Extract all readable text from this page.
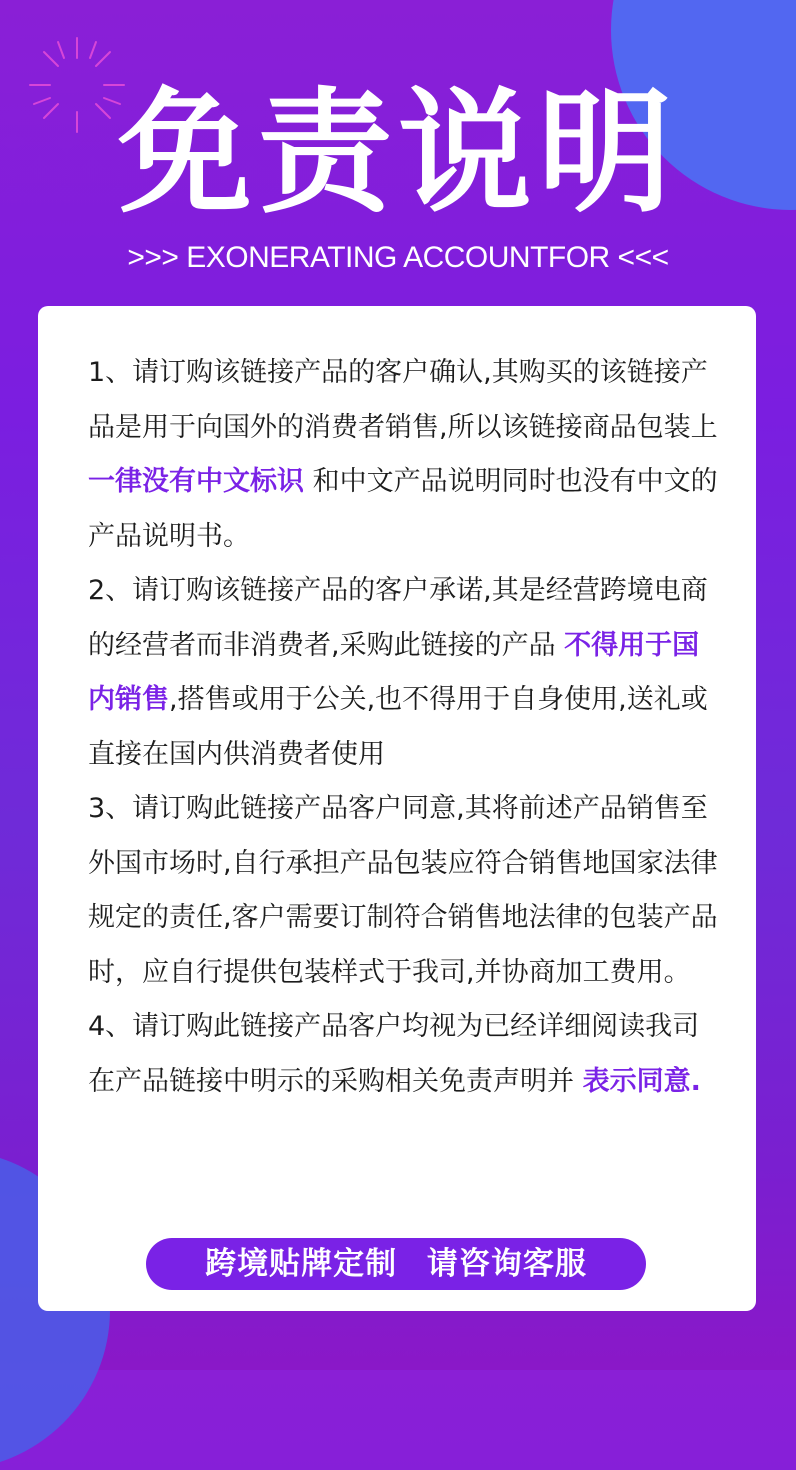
免责说明
>>> EXONERATING ACCOUNTFOR <<<

1、请订购该链接产品的客户确认,其购买的该链接产品是用于向国外的消费者销售,所以该链接商品包装上 一律没有中文标识 和中文产品说明同时也没有中文的产品说明书。

2、请订购该链接产品的客户承诺,其是经营跨境电商的经营者而非消费者,采购此链接的产品 不得用于国内销售,搭售或用于公关,也不得用于自身使用,送礼或直接在国内供消费者使用

3、请订购此链接产品客户同意,其将前述产品销售至外国市场时,自行承担产品包装应符合销售地国家法律规定的责任,客户需要订制符合销售地法律的包装产品时，应自行提供包装样式于我司,并协商加工费用。

4、请订购此链接产品客户均视为已经详细阅读我司在产品链接中明示的采购相关免责声明并 表示同意.

跨境贴牌定制 请咨询客服
